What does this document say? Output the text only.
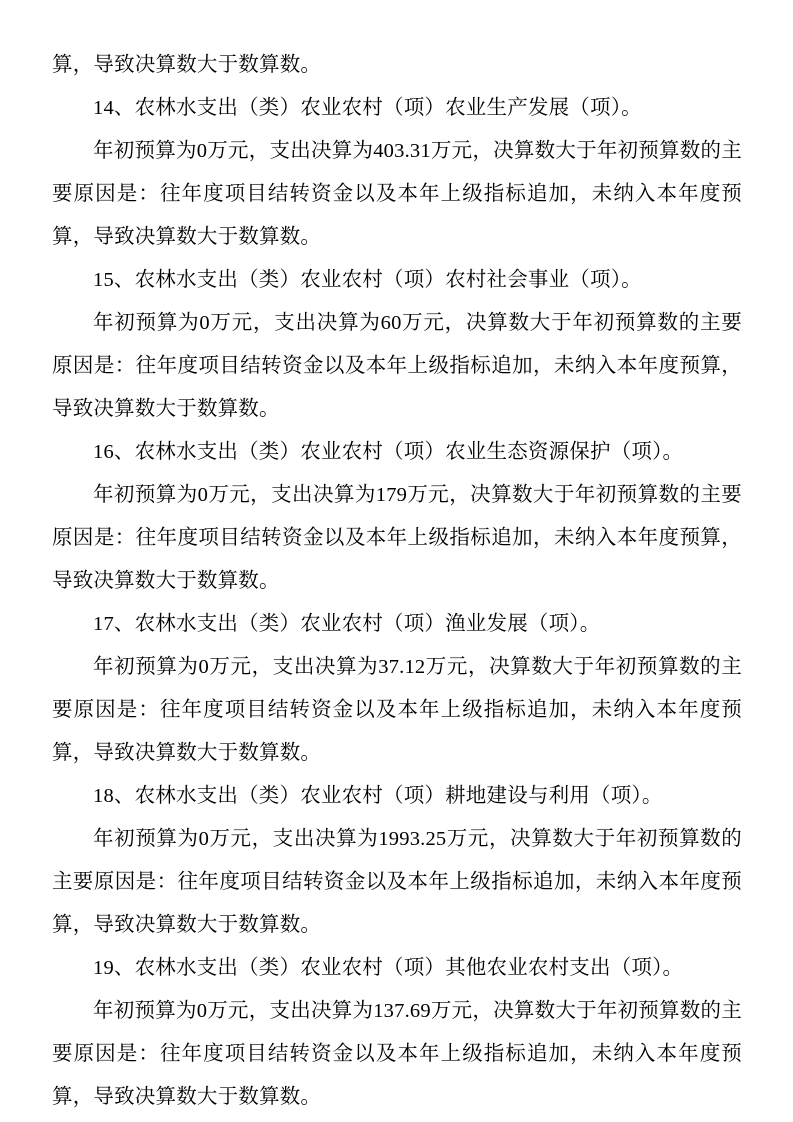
算，导致决算数大于数算数。

14、农林水支出（类）农业农村（项）农业生产发展（项）。

年初预算为0万元，支出决算为403.31万元，决算数大于年初预算数的主要原因是：往年度项目结转资金以及本年上级指标追加，未纳入本年度预算，导致决算数大于数算数。

15、农林水支出（类）农业农村（项）农村社会事业（项）。

年初预算为0万元，支出决算为60万元，决算数大于年初预算数的主要原因是：往年度项目结转资金以及本年上级指标追加，未纳入本年度预算，导致决算数大于数算数。

16、农林水支出（类）农业农村（项）农业生态资源保护（项）。

年初预算为0万元，支出决算为179万元，决算数大于年初预算数的主要原因是：往年度项目结转资金以及本年上级指标追加，未纳入本年度预算，导致决算数大于数算数。

17、农林水支出（类）农业农村（项）渔业发展（项）。

年初预算为0万元，支出决算为37.12万元，决算数大于年初预算数的主要原因是：往年度项目结转资金以及本年上级指标追加，未纳入本年度预算，导致决算数大于数算数。

18、农林水支出（类）农业农村（项）耕地建设与利用（项）。

年初预算为0万元，支出决算为1993.25万元，决算数大于年初预算数的主要原因是：往年度项目结转资金以及本年上级指标追加，未纳入本年度预算，导致决算数大于数算数。

19、农林水支出（类）农业农村（项）其他农业农村支出（项）。

年初预算为0万元，支出决算为137.69万元，决算数大于年初预算数的主要原因是：往年度项目结转资金以及本年上级指标追加，未纳入本年度预算，导致决算数大于数算数。
